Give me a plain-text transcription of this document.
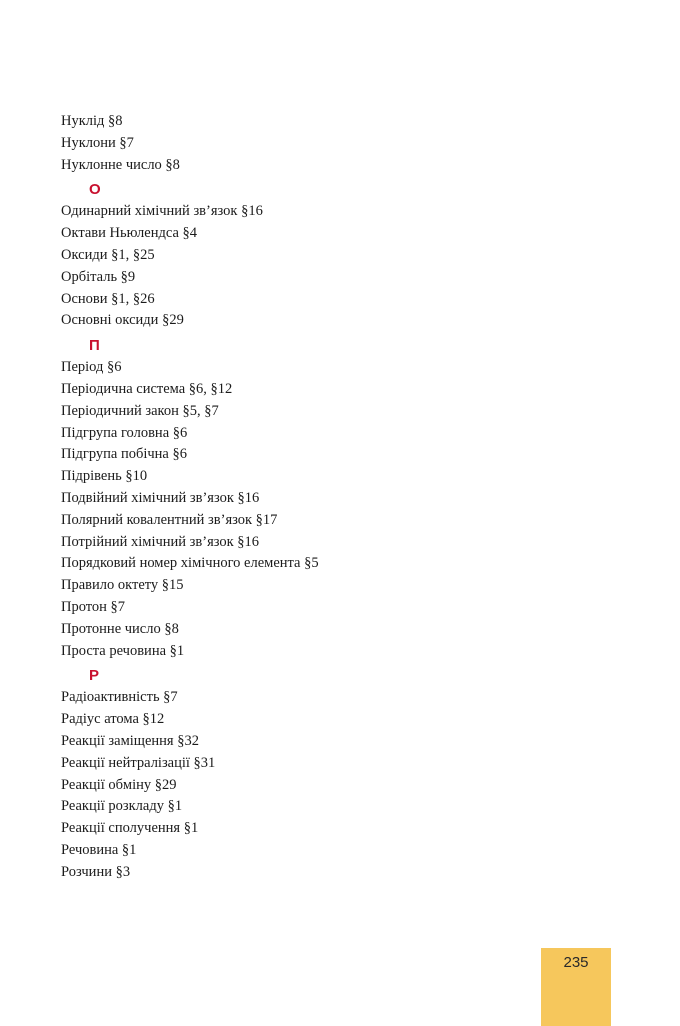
Нуклід §8
Нуклони §7
Нуклонне число §8
О
Одинарний хімічний зв’язок §16
Октави Ньюлендса §4
Оксиди §1, §25
Орбіталь §9
Основи §1, §26
Основні оксиди §29
П
Період §6
Періодична система §6, §12
Періодичний закон §5, §7
Підгрупа головна §6
Підгрупа побічна §6
Підрівень §10
Подвійний хімічний зв’язок §16
Полярний ковалентний зв’язок §17
Потрійний хімічний зв’язок §16
Порядковий номер хімічного елемента §5
Правило октету §15
Протон §7
Протонне число §8
Проста речовина §1
Р
Радіоактивність §7
Радіус атома §12
Реакції заміщення §32
Реакції нейтралізації §31
Реакції обміну §29
Реакції розкладу §1
Реакції сполучення §1
Речовина §1
Розчини §3
235
